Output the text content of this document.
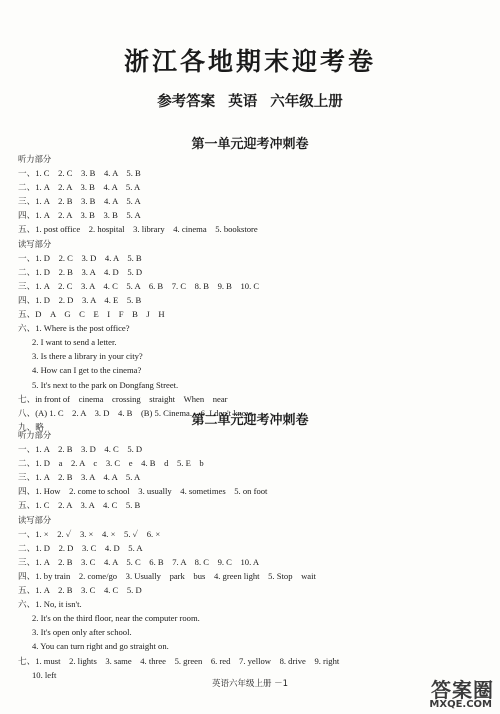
浙江各地期末迎考卷
参考答案 英语 六年级上册
第一单元迎考冲刺卷
听力部分
一、1. C　2. C　3. B　4. A　5. B
二、1. A　2. A　3. B　4. A　5. A
三、1. A　2. B　3. B　4. A　5. A
四、1. A　2. A　3. B　3. B　5. A
五、1. post office　2. hospital　3. library　4. cinema　5. bookstore
读写部分
一、1. D　2. C　3. D　4. A　5. B
二、1. D　2. B　3. A　4. D　5. D
三、1. A　2. C　3. A　4. C　5. A　6. B　7. C　8. B　9. B　10. C
四、1. D　2. D　3. A　4. E　5. B
五、D　A　G　C　E　I　F　B　J　H
六、1. Where is the post office?
2. I want to send a letter.
3. Is there a library in your city?
4. How can I get to the cinema?
5. It's next to the park on Dongfang Street.
七、in front of　cinema　crossing　straight　When　near
八、(A) 1. C　2. A　3. D　4. B　(B) 5. Cinema.　6. I don't know.
九、略	第二单元迎考冲刺卷
听力部分
一、1. A　2. B　3. D　4. C　5. D
二、1. D　a　2. A　c　3. C　e　4. B　d　5. E　b
三、1. A　2. B　3. A　4. A　5. A
四、1. How　2. come to school　3. usually　4. sometimes　5. on foot
五、1. C　2. A　3. A　4. C　5. B
读写部分
一、1. ×　2. ✓　3. ×　4. ×　5. ✓　6. ×
二、1. D　2. D　3. C　4. D　5. A
三、1. A　2. B　3. C　4. A　5. C　6. B　7. A　8. C　9. C　10. A
四、1. by train　2. come/go　3. Usually　park　bus　4. green light　5. Stop　wait
五、1. A　2. B　3. C　4. C　5. D
六、1. No, it isn't.
2. It's on the third floor, near the computer room.
3. It's open only after school.
4. You can turn right and go straight on.
七、1. must　2. lights　3. same　4. three　5. green　6. red　7. yellow　8. drive　9. right
10. left
英语六年级上册 －1	答案圈
MXQE.COM
